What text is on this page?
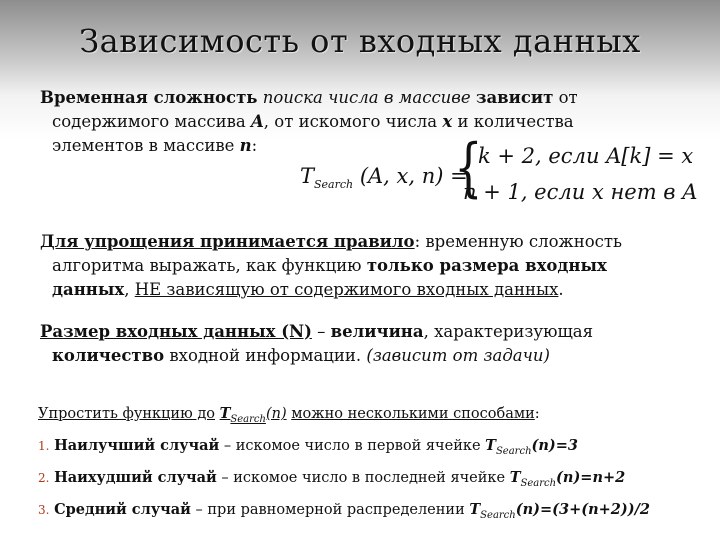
Зависимость от входных данных
Временная сложность поиска числа в массиве зависит от
содержимого массива A, от искомого числа x и количества
элементов в массиве n:
$T_{Search}$ (A, x, n) =
{
k + 2, если A[k] = x
n + 1, если x нет в A
Для упрощения принимается правило: временную сложность
алгоритма выражать, как функцию только размера входных
данных, НЕ зависящую от содержимого входных данных.
Размер входных данных (N) – величина, характеризующая
количество входной информации. (зависит от задачи)
Упростить функцию до $T_{Search}(n)$ можно несколькими способами:
1. Наилучший случай – искомое число в первой ячейке $T_{Search}(n)=3$
2. Наихудший случай – искомое число в последней ячейке $T_{Search}(n)=n+2$
3. Средний случай – при равномерной распределении $T_{Search}(n)=(3+(n+2))/2$
